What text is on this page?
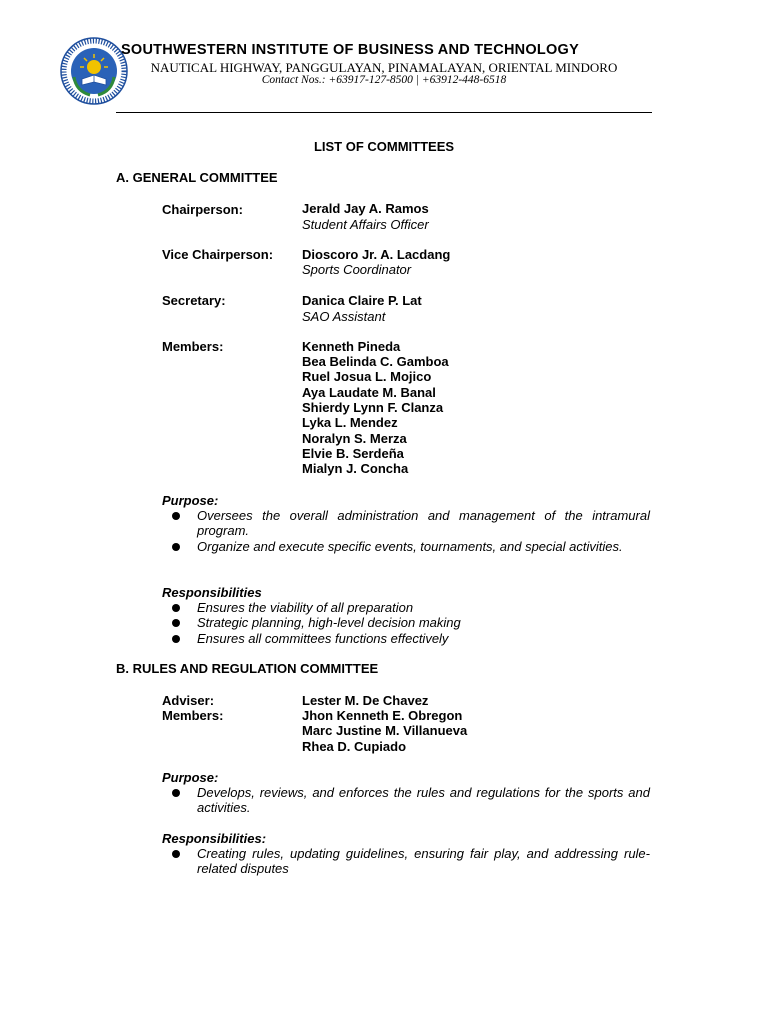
SOUTHWESTERN INSTITUTE OF BUSINESS AND TECHNOLOGY
NAUTICAL HIGHWAY, PANGGULAYAN, PINAMALAYAN, ORIENTAL MINDORO
Contact Nos.: +63917-127-8500 | +63912-448-6518
LIST OF COMMITTEES
A. GENERAL COMMITTEE
Chairperson:	Jerald Jay A. Ramos
Student Affairs Officer
Vice Chairperson: Dioscoro Jr. A. Lacdang
Sports Coordinator
Secretary:	Danica Claire P. Lat
SAO Assistant
Members:	Kenneth Pineda
Bea Belinda C. Gamboa
Ruel Josua L. Mojico
Aya Laudate M. Banal
Shierdy Lynn F. Clanza
Lyka L. Mendez
Noralyn S. Merza
Elvie B. Serdeña
Mialyn J. Concha
Purpose:
Oversees the overall administration and management of the intramural program.
Organize and execute specific events, tournaments, and special activities.
Responsibilities
Ensures the viability of all preparation
Strategic planning, high-level decision making
Ensures all committees functions effectively
B. RULES AND REGULATION COMMITTEE
Adviser:	Lester M. De Chavez
Members:	Jhon Kenneth E. Obregon
Marc Justine M. Villanueva
Rhea D. Cupiado
Purpose:
Develops, reviews, and enforces the rules and regulations for the sports and activities.
Responsibilities:
Creating rules, updating guidelines, ensuring fair play, and addressing rule-related disputes
